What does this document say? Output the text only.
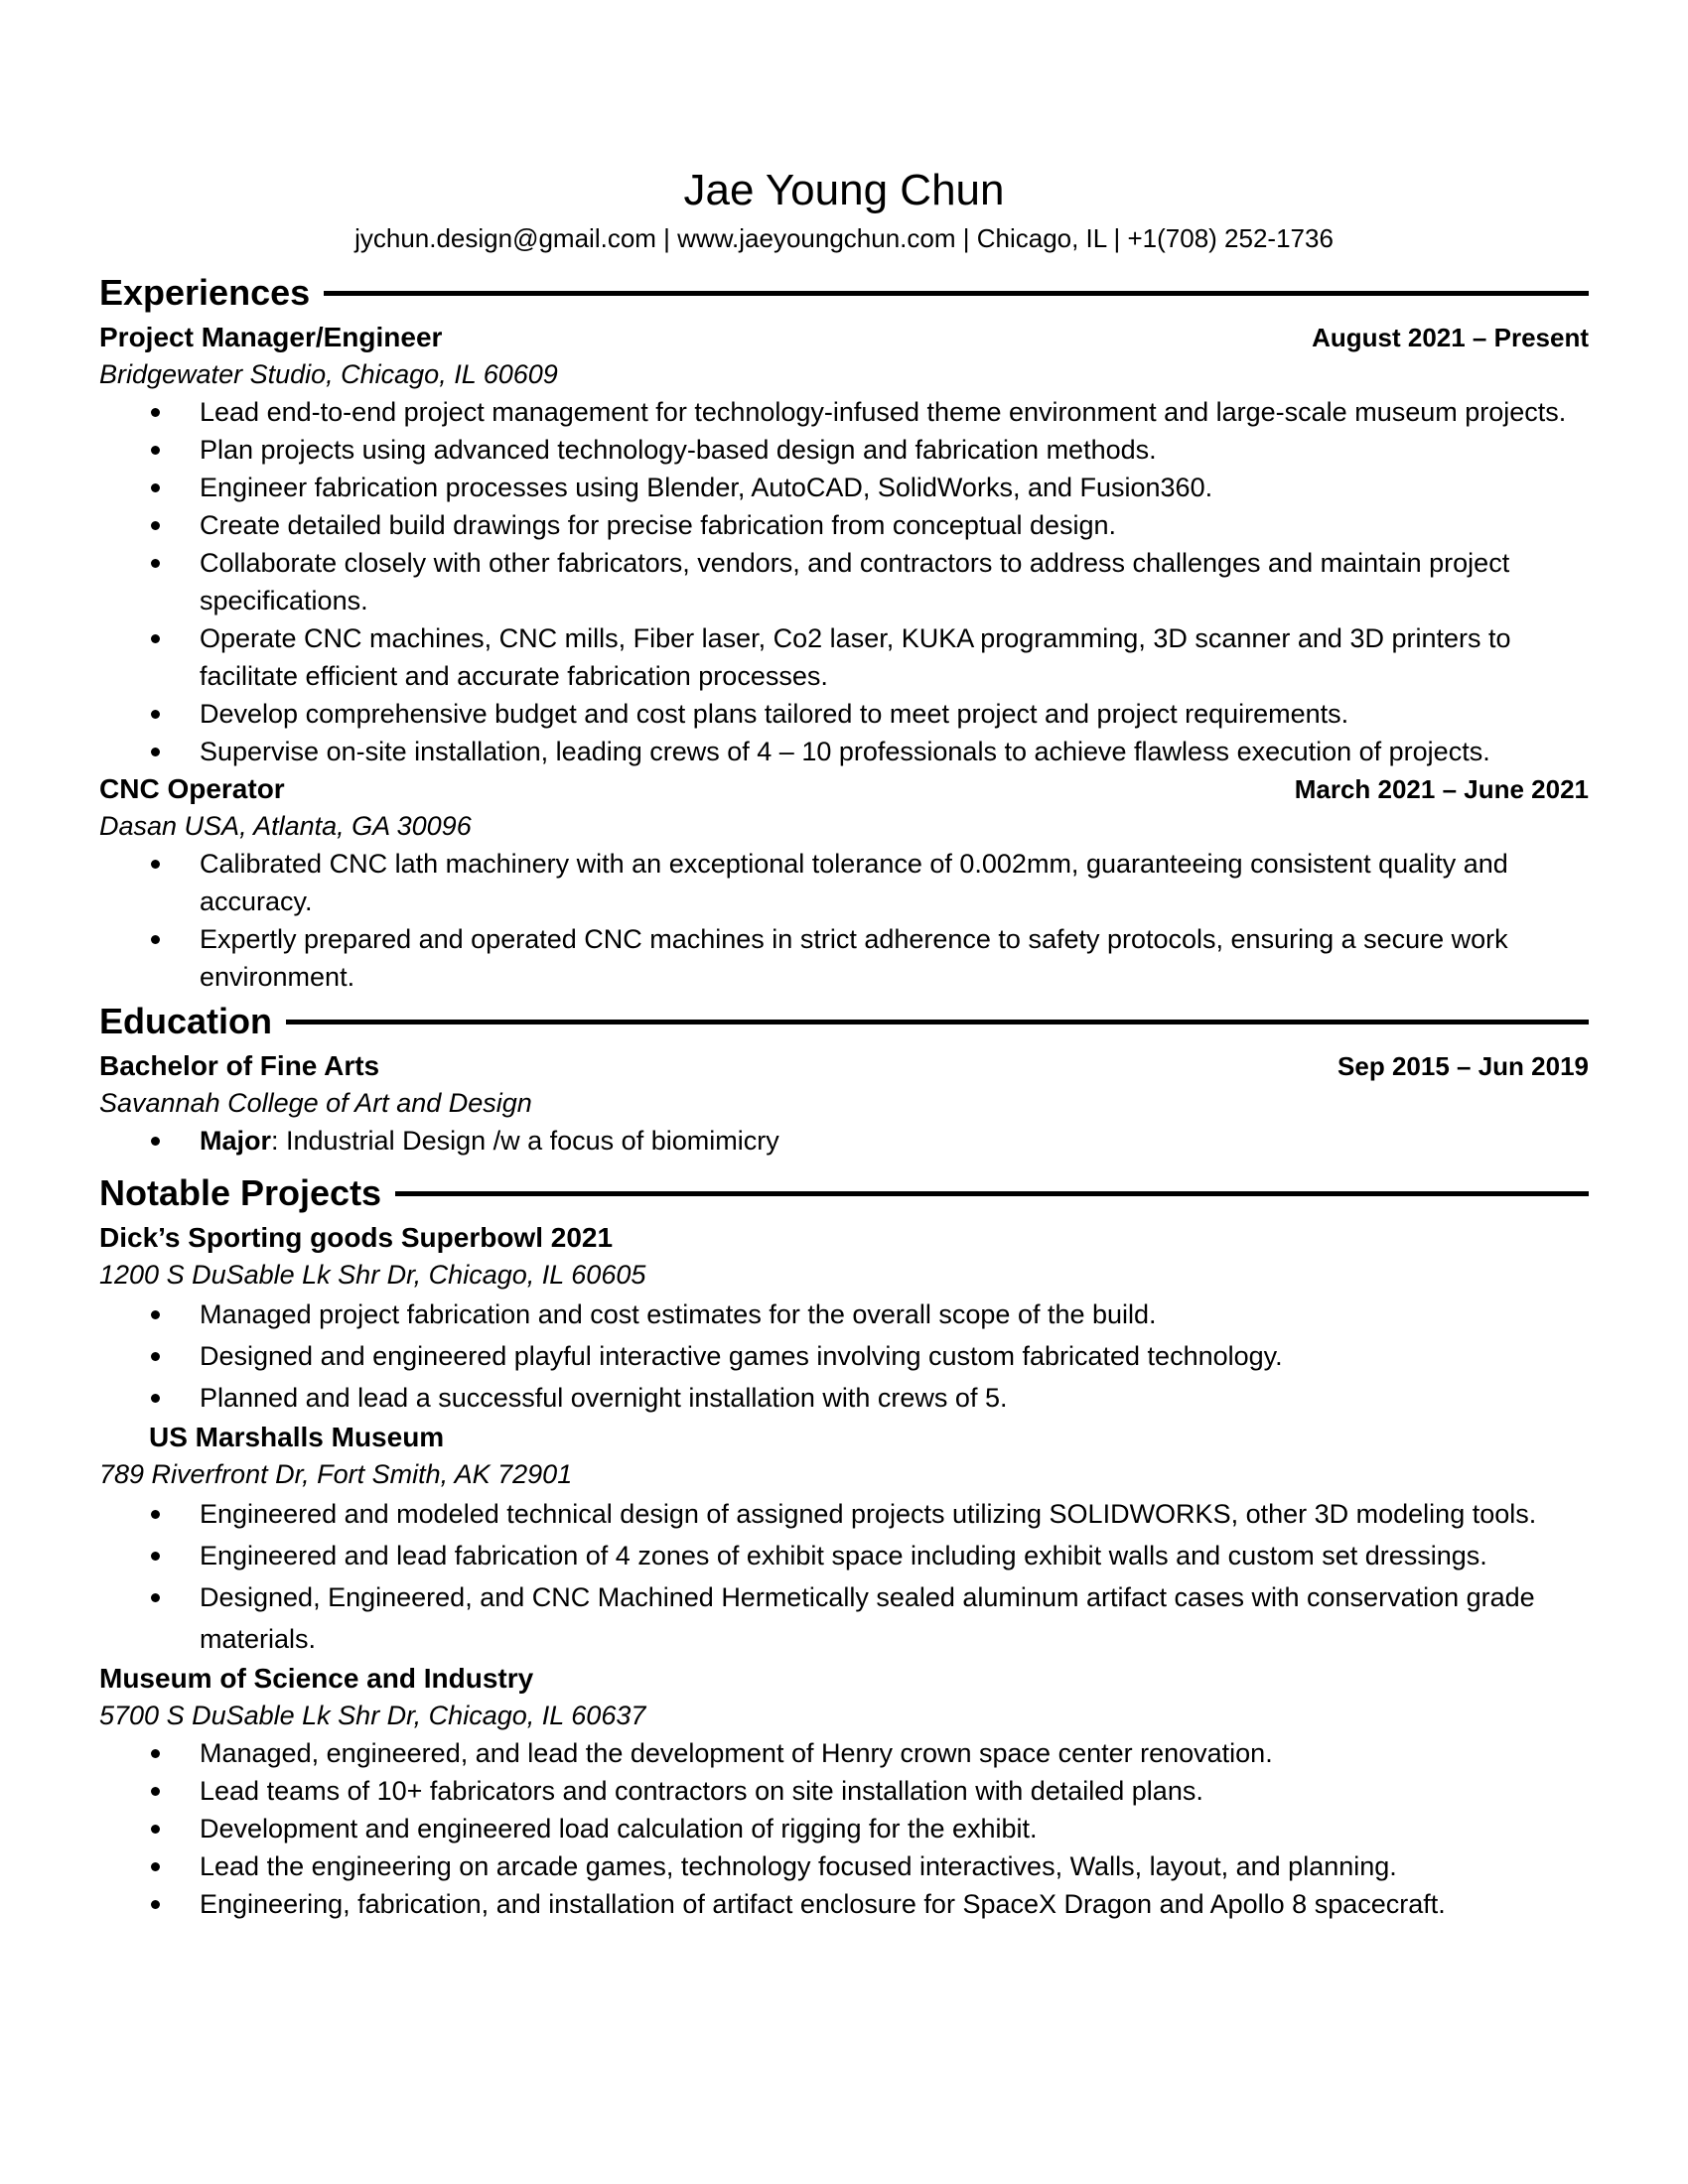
Jae Young Chun
jychun.design@gmail.com | www.jaeyoungchun.com | Chicago, IL | +1(708) 252-1736
Experiences
Project Manager/Engineer	August 2021 – Present
Bridgewater Studio, Chicago, IL 60609
Lead end-to-end project management for technology-infused theme environment and large-scale museum projects.
Plan projects using advanced technology-based design and fabrication methods.
Engineer fabrication processes using Blender, AutoCAD, SolidWorks, and Fusion360.
Create detailed build drawings for precise fabrication from conceptual design.
Collaborate closely with other fabricators, vendors, and contractors to address challenges and maintain project specifications.
Operate CNC machines, CNC mills, Fiber laser, Co2 laser, KUKA programming, 3D scanner and 3D printers to facilitate efficient and accurate fabrication processes.
Develop comprehensive budget and cost plans tailored to meet project and project requirements.
Supervise on-site installation, leading crews of 4 – 10 professionals to achieve flawless execution of projects.
CNC Operator	March 2021 – June 2021
Dasan USA, Atlanta, GA 30096
Calibrated CNC lath machinery with an exceptional tolerance of 0.002mm, guaranteeing consistent quality and accuracy.
Expertly prepared and operated CNC machines in strict adherence to safety protocols, ensuring a secure work environment.
Education
Bachelor of Fine Arts	Sep 2015 – Jun 2019
Savannah College of Art and Design
Major: Industrial Design /w a focus of biomimicry
Notable Projects
Dick’s Sporting goods Superbowl 2021
1200 S DuSable Lk Shr Dr, Chicago, IL 60605
Managed project fabrication and cost estimates for the overall scope of the build.
Designed and engineered playful interactive games involving custom fabricated technology.
Planned and lead a successful overnight installation with crews of 5.
US Marshalls Museum
789 Riverfront Dr, Fort Smith, AK 72901
Engineered and modeled technical design of assigned projects utilizing SOLIDWORKS, other 3D modeling tools.
Engineered and lead fabrication of 4 zones of exhibit space including exhibit walls and custom set dressings.
Designed, Engineered, and CNC Machined Hermetically sealed aluminum artifact cases with conservation grade materials.
Museum of Science and Industry
5700 S DuSable Lk Shr Dr, Chicago, IL 60637
Managed, engineered, and lead the development of Henry crown space center renovation.
Lead teams of 10+ fabricators and contractors on site installation with detailed plans.
Development and engineered load calculation of rigging for the exhibit.
Lead the engineering on arcade games, technology focused interactives, Walls, layout, and planning.
Engineering, fabrication, and installation of artifact enclosure for SpaceX Dragon and Apollo 8 spacecraft.
